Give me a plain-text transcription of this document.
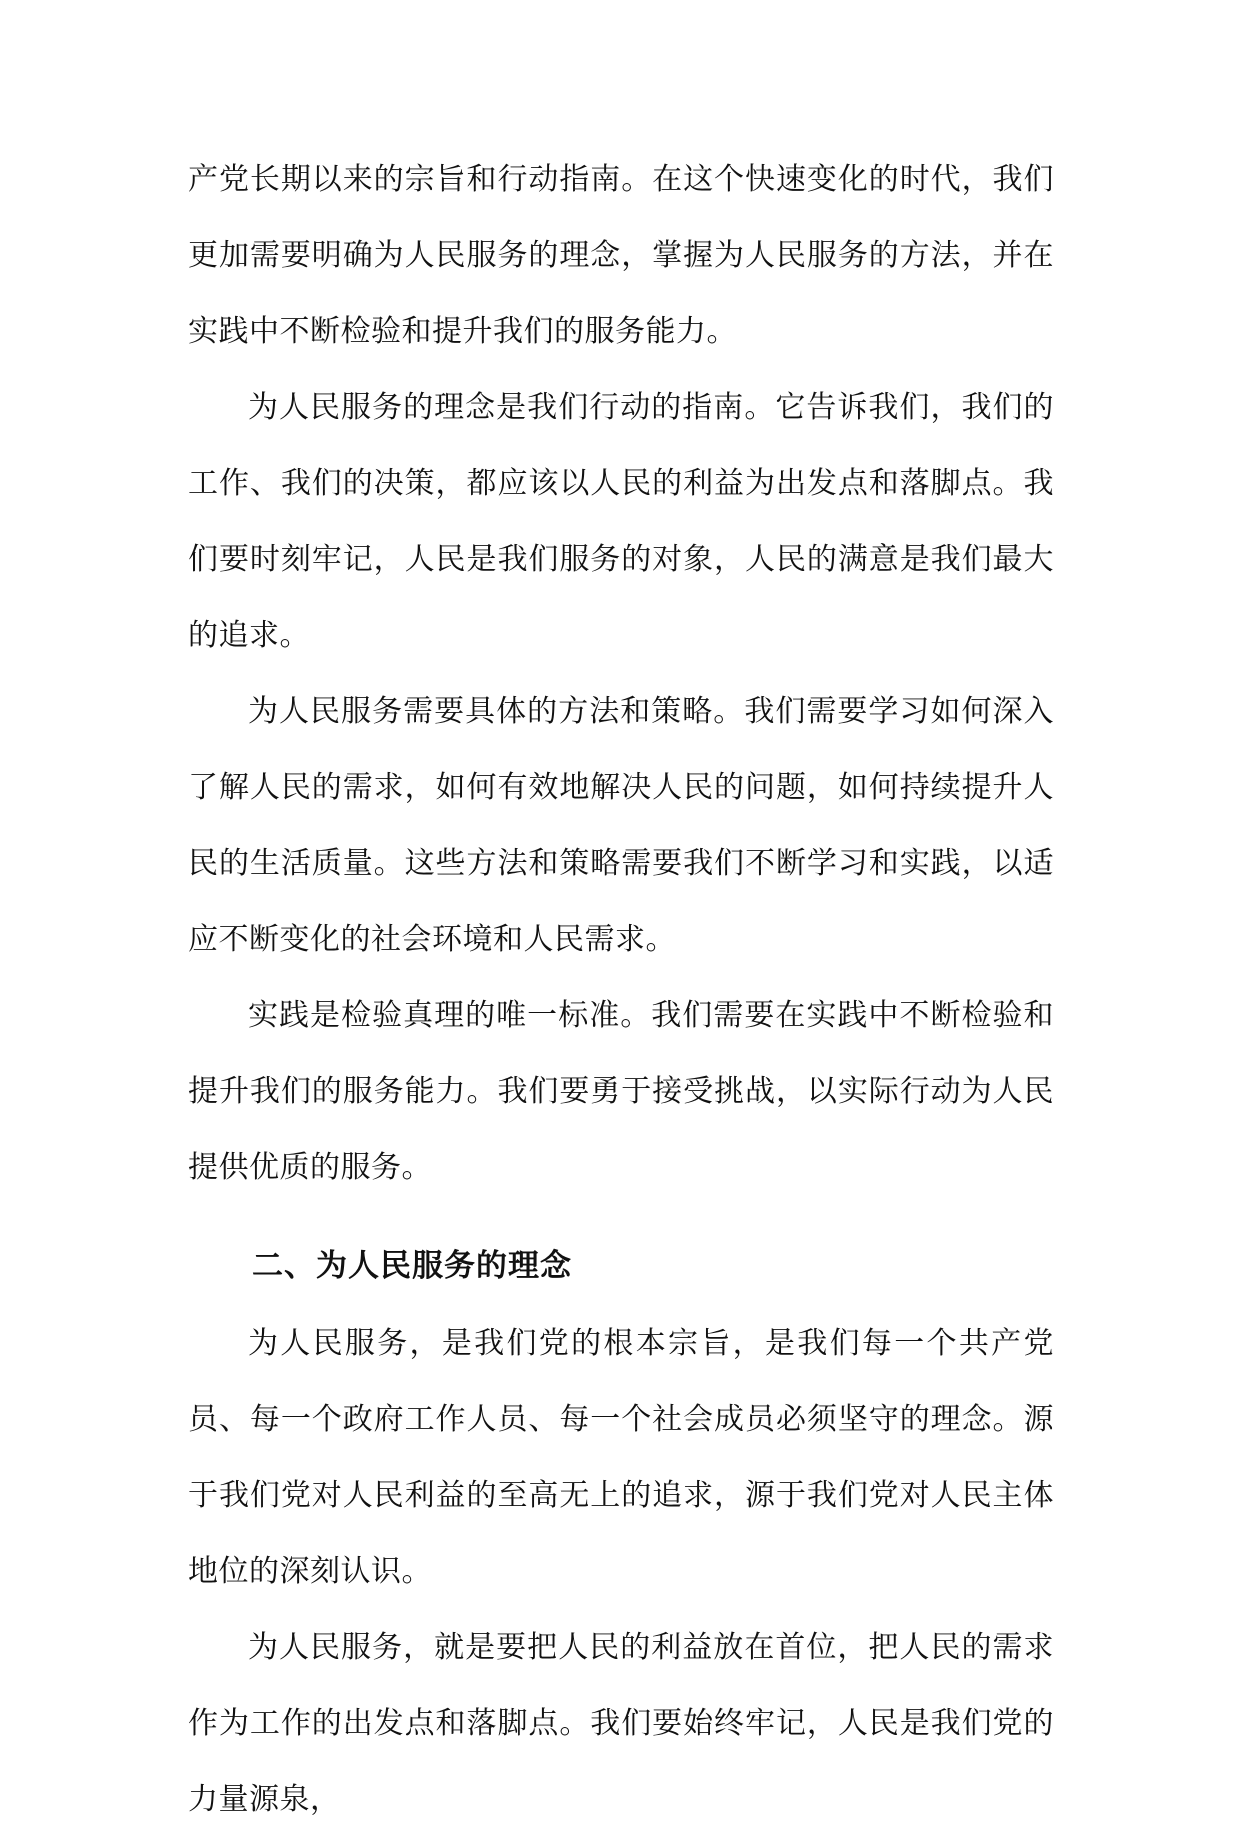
产党长期以来的宗旨和行动指南。在这个快速变化的时代，我们更加需要明确为人民服务的理念，掌握为人民服务的方法，并在实践中不断检验和提升我们的服务能力。

为人民服务的理念是我们行动的指南。它告诉我们，我们的工作、我们的决策，都应该以人民的利益为出发点和落脚点。我们要时刻牢记，人民是我们服务的对象，人民的满意是我们最大的追求。

为人民服务需要具体的方法和策略。我们需要学习如何深入了解人民的需求，如何有效地解决人民的问题，如何持续提升人民的生活质量。这些方法和策略需要我们不断学习和实践，以适应不断变化的社会环境和人民需求。

实践是检验真理的唯一标准。我们需要在实践中不断检验和提升我们的服务能力。我们要勇于接受挑战，以实际行动为人民提供优质的服务。

二、为人民服务的理念

为人民服务，是我们党的根本宗旨，是我们每一个共产党员、每一个政府工作人员、每一个社会成员必须坚守的理念。源于我们党对人民利益的至高无上的追求，源于我们党对人民主体地位的深刻认识。

为人民服务，就是要把人民的利益放在首位，把人民的需求作为工作的出发点和落脚点。我们要始终牢记，人民是我们党的力量源泉，
